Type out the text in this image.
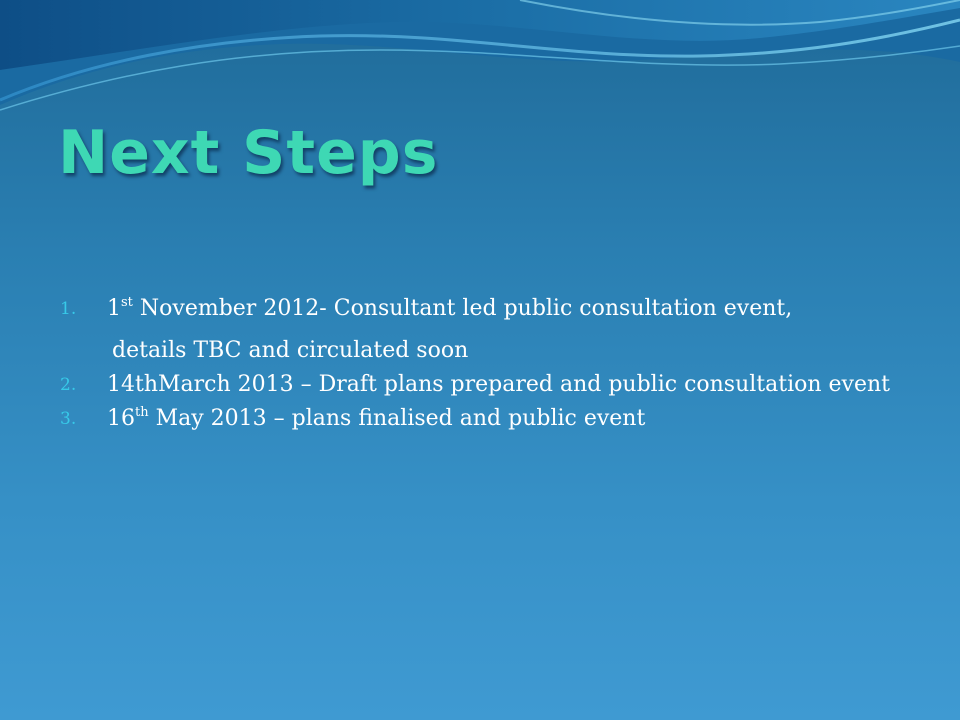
Next Steps
1. 1st November 2012- Consultant led public consultation event,
details TBC and circulated soon
2. 14thMarch 2013 – Draft plans prepared and public consultation event
3. 16th May 2013 – plans finalised and public event
